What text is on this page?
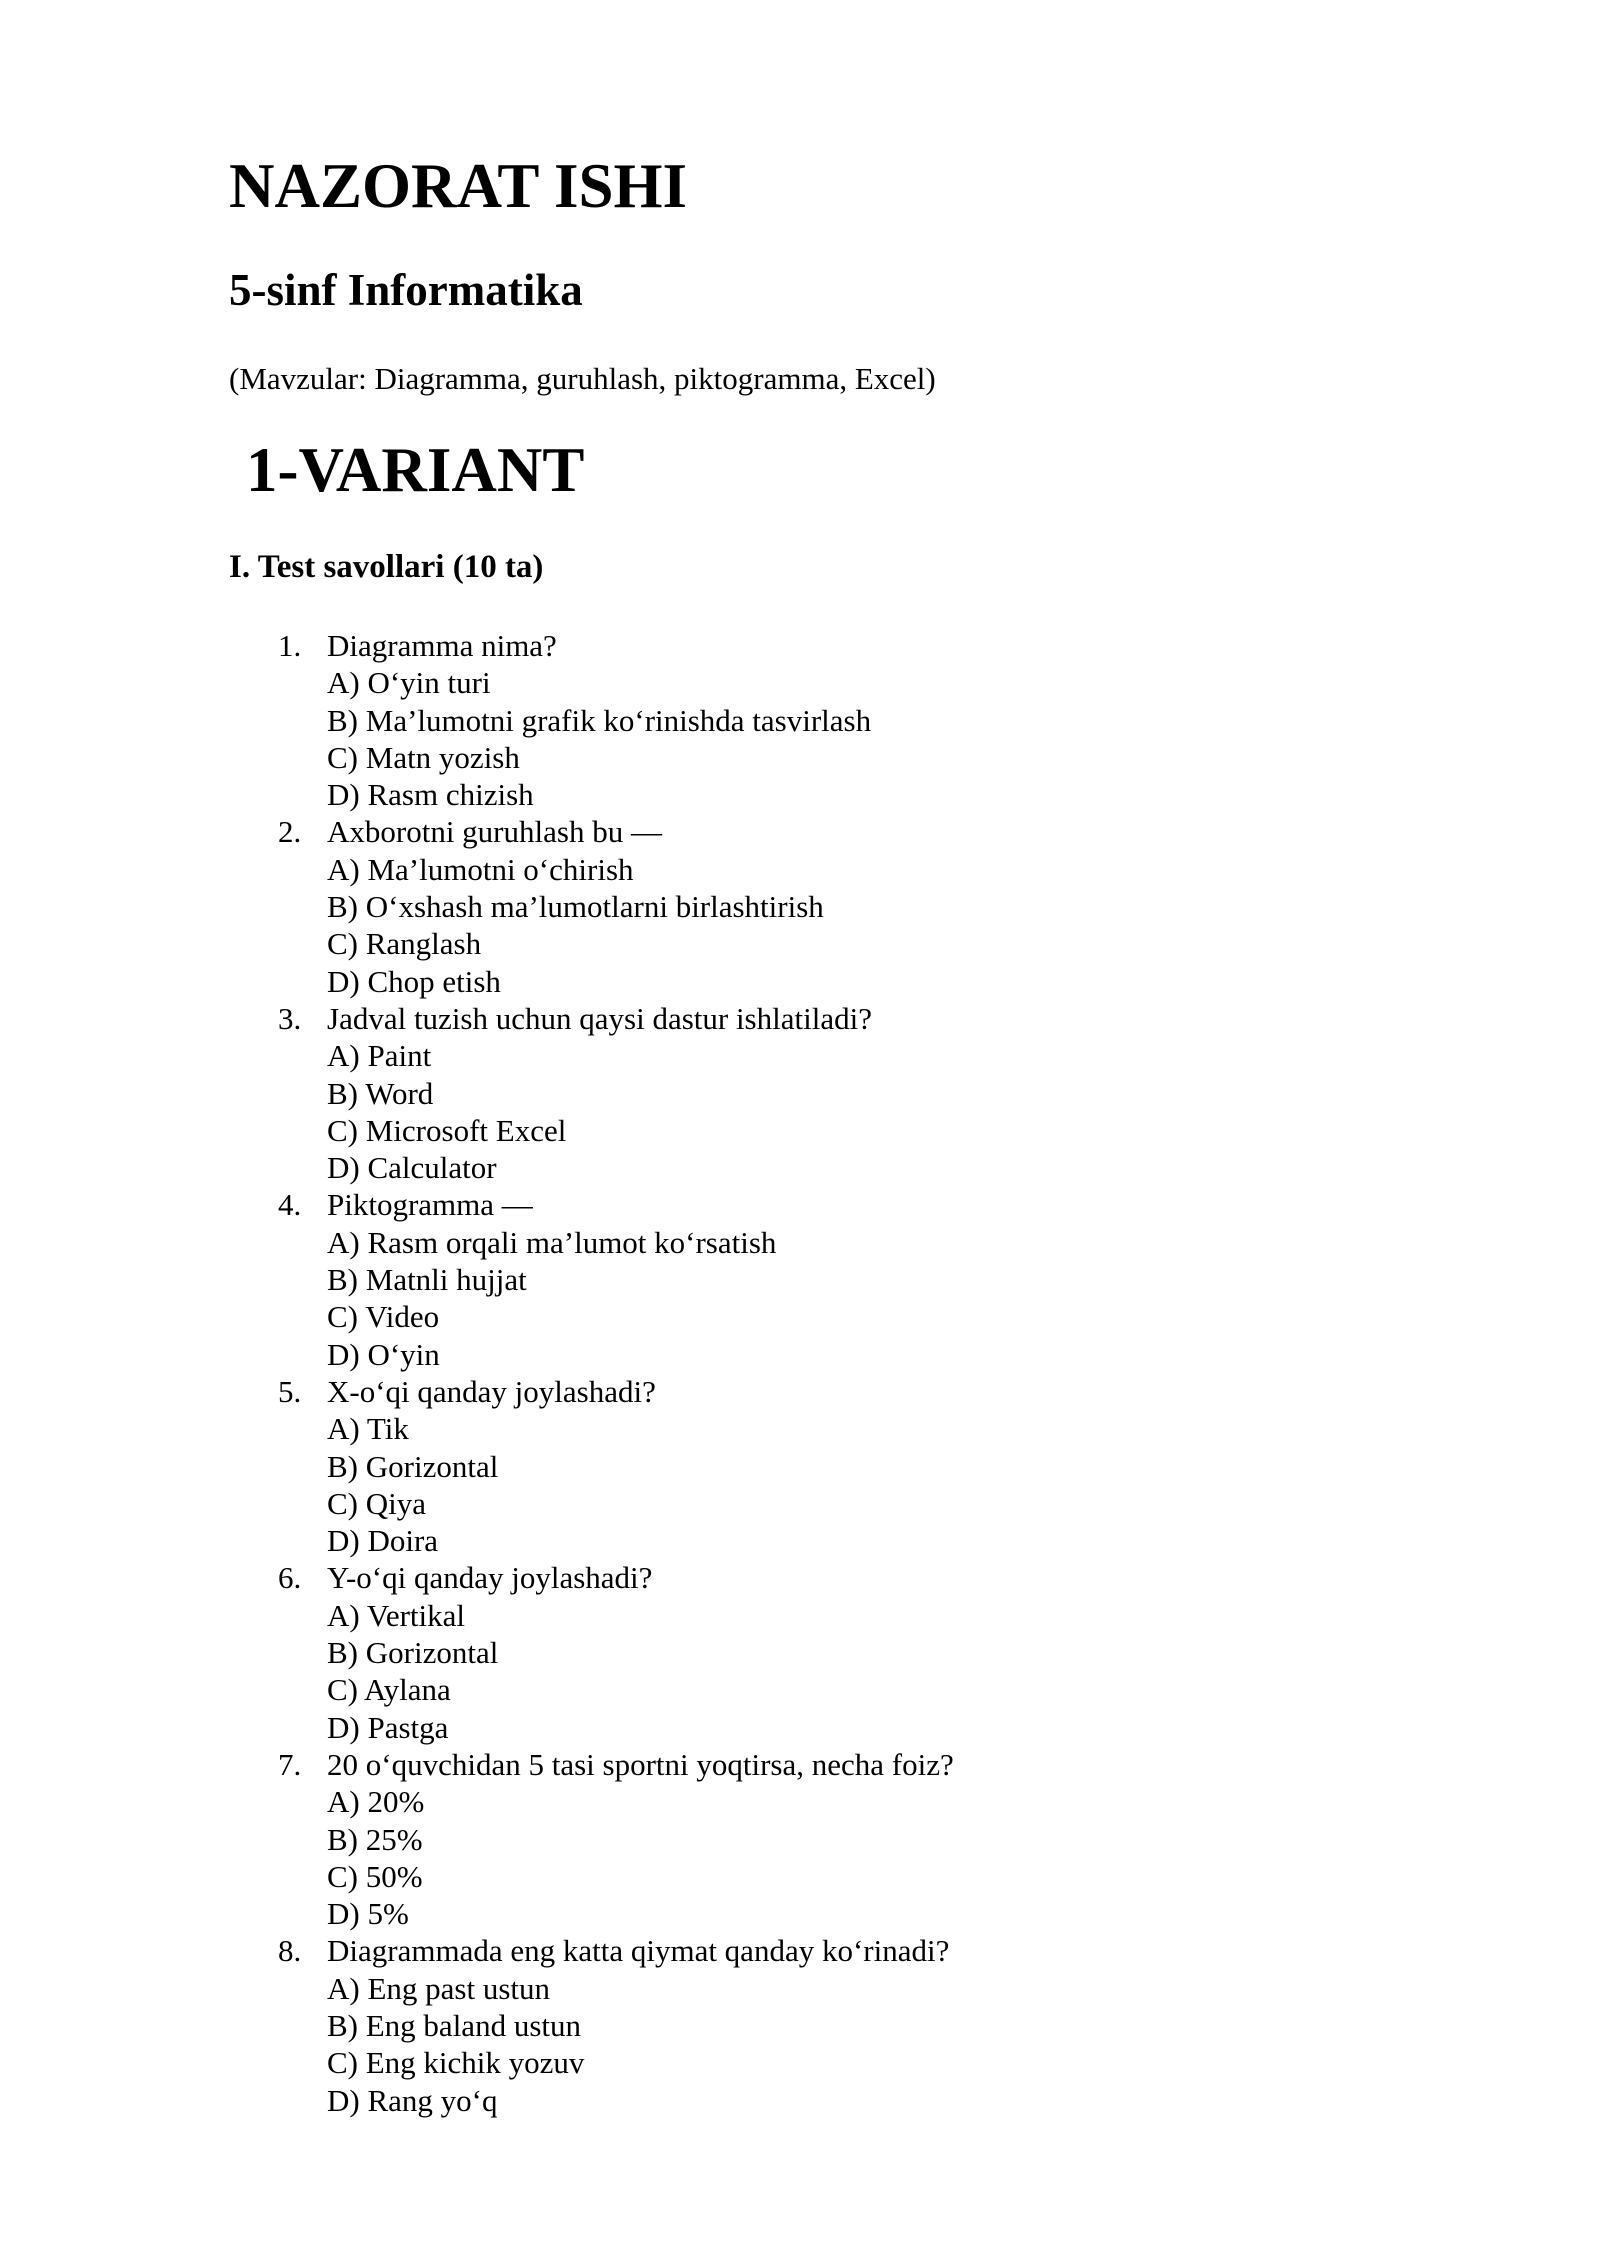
NAZORAT ISHI
5-sinf Informatika

(Mavzular: Diagramma, guruhlash, piktogramma, Excel)

1-VARIANT
I. Test savollari (10 ta)
1. Diagramma nima?
A) O‘yin turi
B) Ma’lumotni grafik ko‘rinishda tasvirlash
C) Matn yozish
D) Rasm chizish
2. Axborotni guruhlash bu —
A) Ma’lumotni o‘chirish
B) O‘xshash ma’lumotlarni birlashtirish
C) Ranglash
D) Chop etish
3. Jadval tuzish uchun qaysi dastur ishlatiladi?
A) Paint
B) Word
C) Microsoft Excel
D) Calculator
4. Piktogramma —
A) Rasm orqali ma’lumot ko‘rsatish
B) Matnli hujjat
C) Video
D) O‘yin
5. X-o‘qi qanday joylashadi?
A) Tik
B) Gorizontal
C) Qiya
D) Doira
6. Y-o‘qi qanday joylashadi?
A) Vertikal
B) Gorizontal
C) Aylana
D) Pastga
7. 20 o‘quvchidan 5 tasi sportni yoqtirsa, necha foiz?
A) 20%
B) 25%
C) 50%
D) 5%
8. Diagrammada eng katta qiymat qanday ko‘rinadi?
A) Eng past ustun
B) Eng baland ustun
C) Eng kichik yozuv
D) Rang yo‘q
